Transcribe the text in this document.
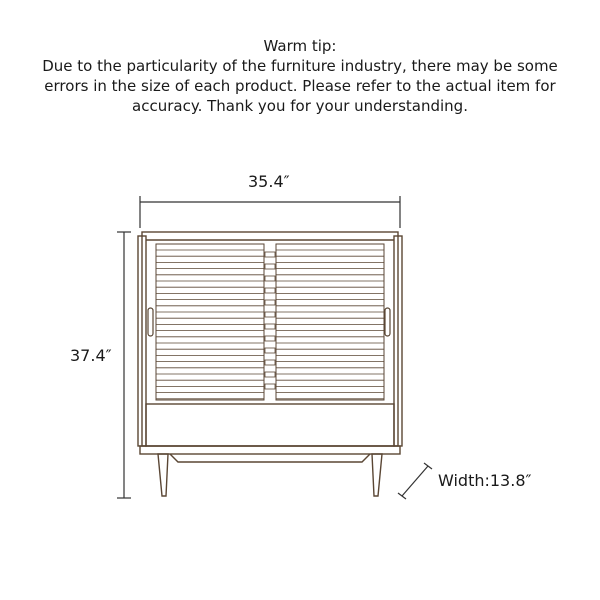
Warm tip:
Due to the particularity of the furniture industry, there may be some errors in the size of each product. Please refer to the actual item for accuracy. Thank you for your understanding.
35.4″
37.4″
Width:13.8″
